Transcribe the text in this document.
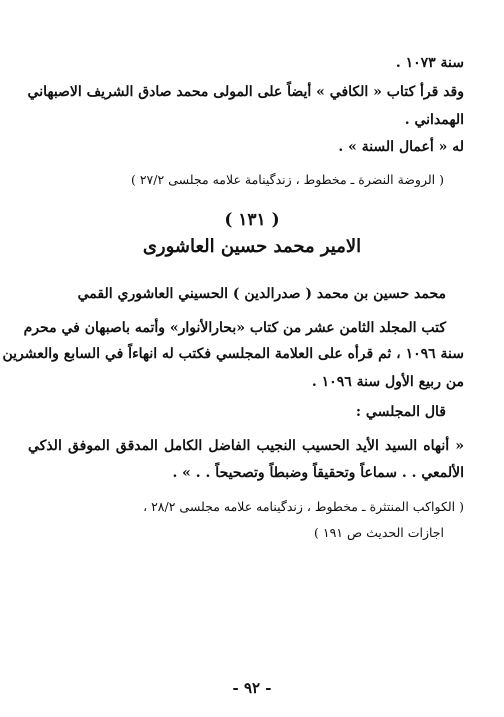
سنة ١٠٧٣ .
وقد قرأ كتاب « الكافي » أيضاً على المولى محمد صادق الشريف الاصبهاني
الهمداني .
له « أعمال السنة » .
( الروضة النضرة ـ مخطوط ، زندگينامة علامه مجلسى ٢٧/٢ )
( ١٣١ )
الامير محمد حسين العاشورى
محمد حسين بن محمد ( صدرالدين ) الحسيني العاشوري القمي
كتب المجلد الثامن عشر من كتاب «بحارالأنوار» وأتمه باصبهان في محرم
سنة ١٠٩٦ ، ثم قرأه على العلامة المجلسي فكتب له انهاءاً في السابع والعشرين
من ربيع الأول سنة ١٠٩٦ .
قال المجلسي :
« أنهاه السيد الأيد الحسيب النجيب الفاضل الكامل المدقق الموفق الذكي
الألمعي . . سماعاً وتحقيقاً وضبطاً وتصحيحاً . . » .
( الكواكب المنتثرة ـ مخطوط ، زندگينامه علامه مجلسى ٢٨/٢ ،
اجازات الحديث ص ١٩١ )
- ٩٢ -
